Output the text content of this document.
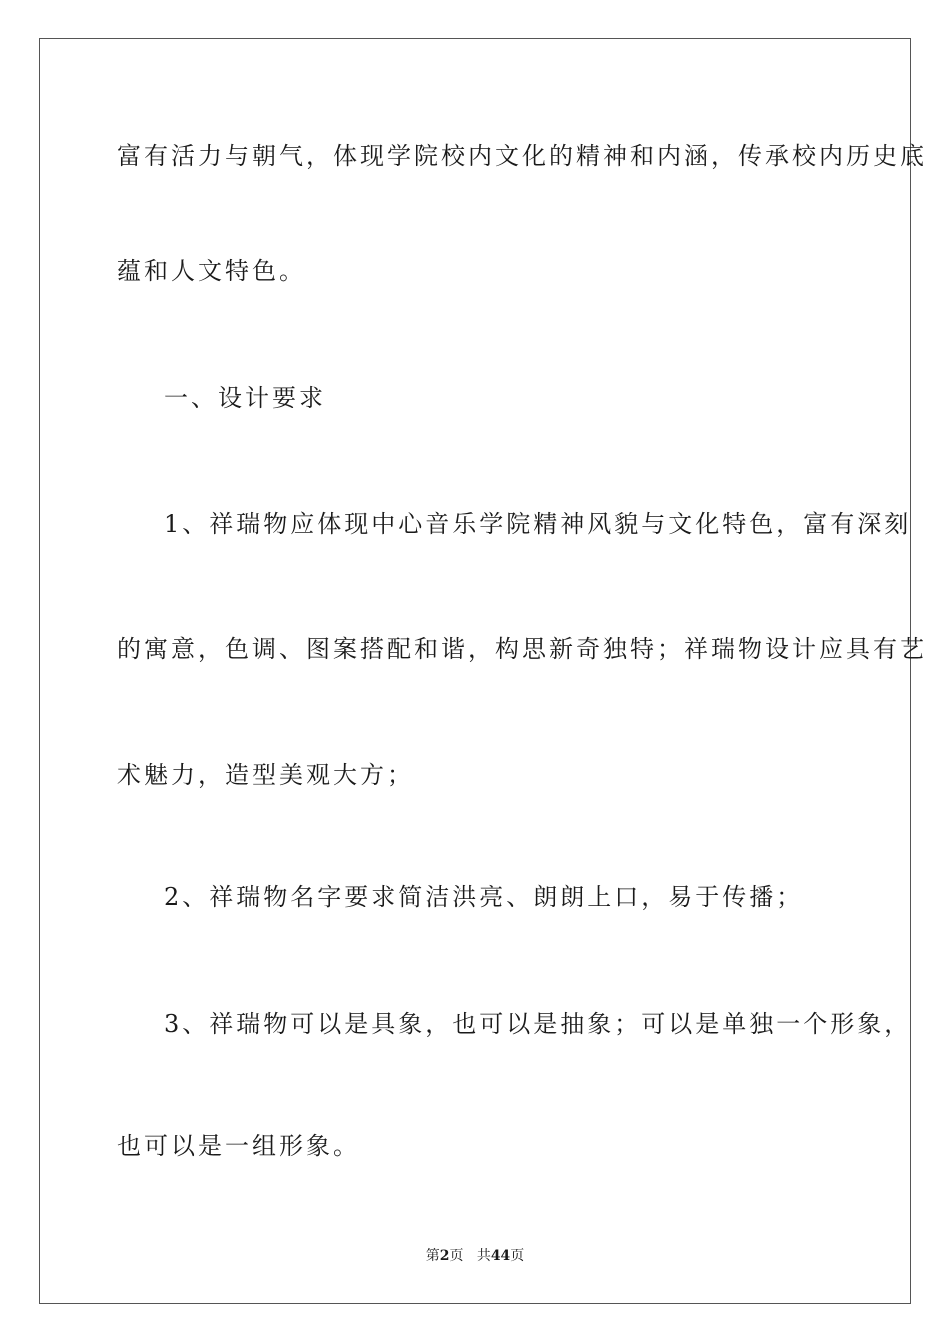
富有活力与朝气，体现学院校内文化的精神和内涵，传承校内历史底
蕴和人文特色。
一、设计要求
1、祥瑞物应体现中心音乐学院精神风貌与文化特色，富有深刻
的寓意，色调、图案搭配和谐，构思新奇独特；祥瑞物设计应具有艺
术魅力，造型美观大方；
2、祥瑞物名字要求简洁洪亮、朗朗上口，易于传播；
3、祥瑞物可以是具象，也可以是抽象；可以是单独一个形象，
也可以是一组形象。
第2页 共44页
